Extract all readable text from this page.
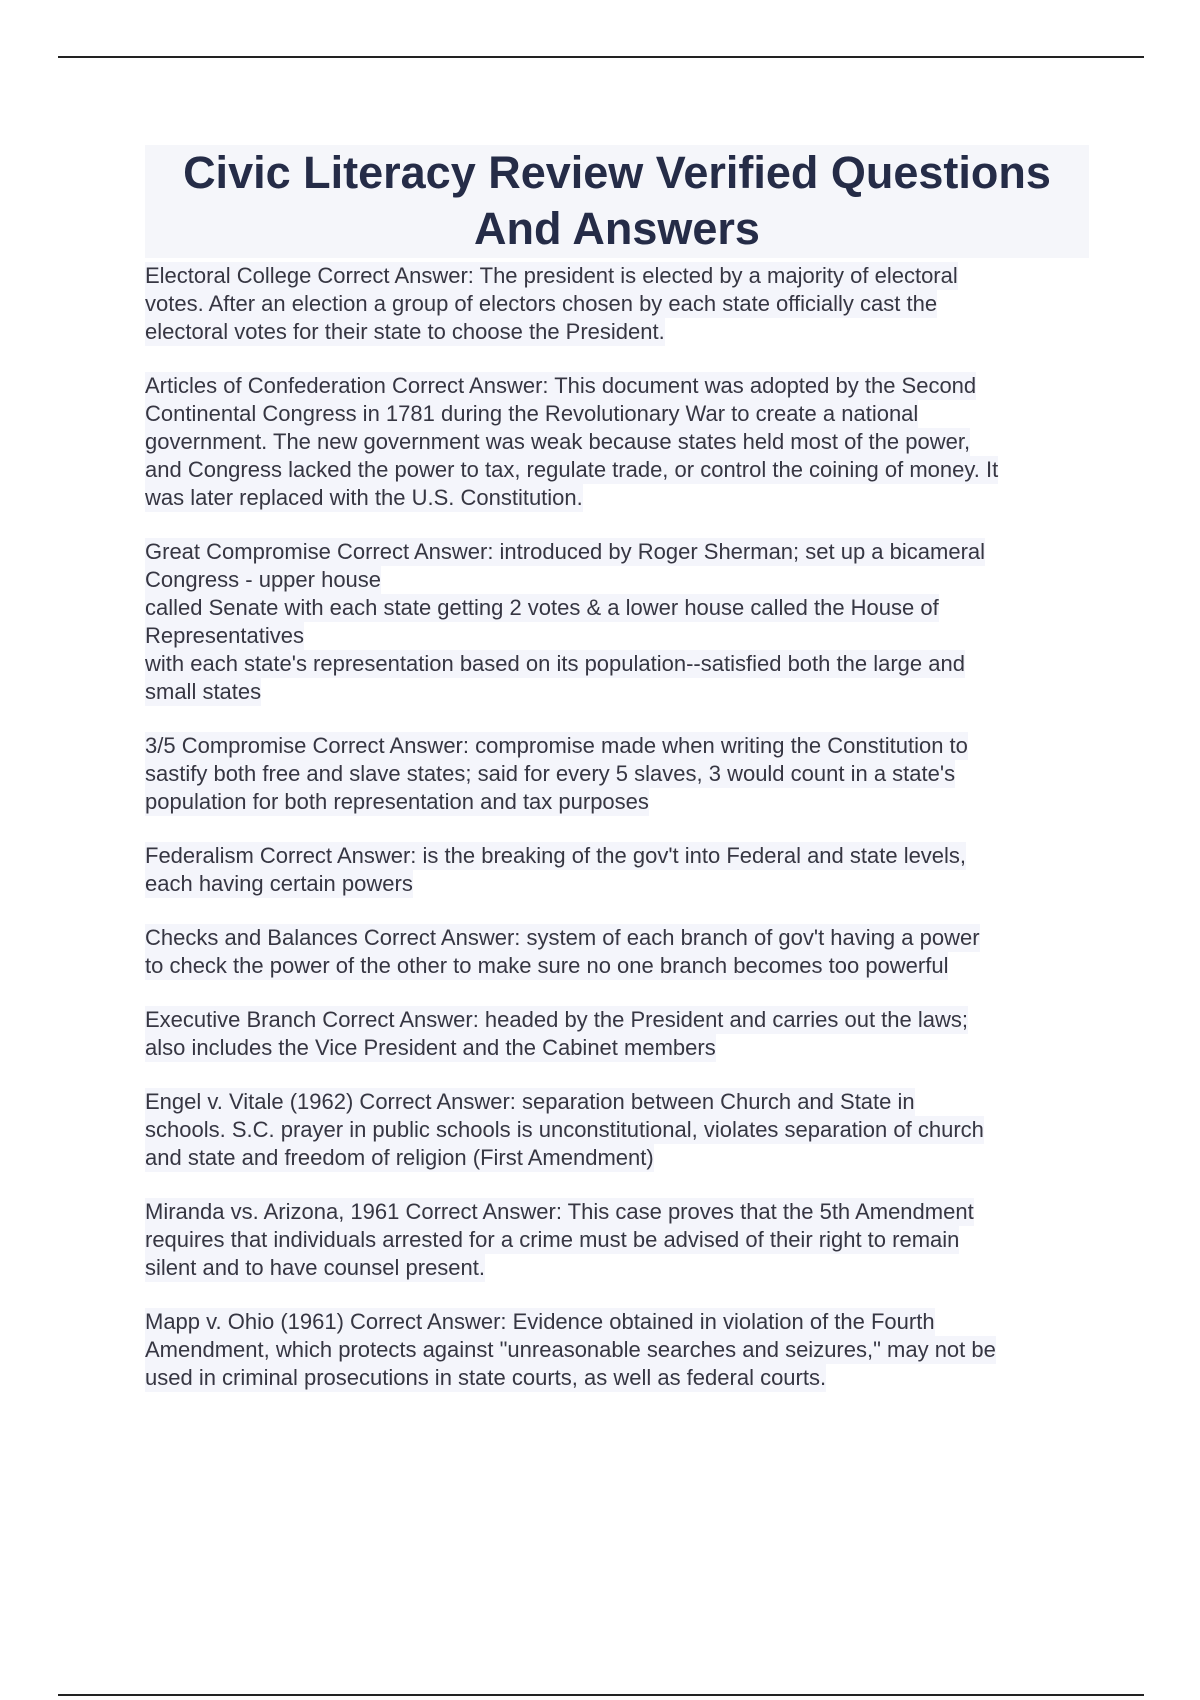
Civic Literacy Review Verified Questions And Answers

Electoral College Correct Answer: The president is elected by a majority of electoral
votes. After an election a group of electors chosen by each state officially cast the
electoral votes for their state to choose the President.

Articles of Confederation Correct Answer: This document was adopted by the Second
Continental Congress in 1781 during the Revolutionary War to create a national
government. The new government was weak because states held most of the power,
and Congress lacked the power to tax, regulate trade, or control the coining of money. It
was later replaced with the U.S. Constitution.

Great Compromise Correct Answer: introduced by Roger Sherman; set up a bicameral
Congress - upper house
called Senate with each state getting 2 votes & a lower house called the House of
Representatives
with each state's representation based on its population--satisfied both the large and
small states

3/5 Compromise Correct Answer: compromise made when writing the Constitution to
sastify both free and slave states; said for every 5 slaves, 3 would count in a state's
population for both representation and tax purposes

Federalism Correct Answer: is the breaking of the gov't into Federal and state levels,
each having certain powers

Checks and Balances Correct Answer: system of each branch of gov't having a power
to check the power of the other to make sure no one branch becomes too powerful

Executive Branch Correct Answer: headed by the President and carries out the laws;
also includes the Vice President and the Cabinet members

Engel v. Vitale (1962) Correct Answer: separation between Church and State in
schools. S.C. prayer in public schools is unconstitutional, violates separation of church
and state and freedom of religion (First Amendment)

Miranda vs. Arizona, 1961 Correct Answer: This case proves that the 5th Amendment
requires that individuals arrested for a crime must be advised of their right to remain
silent and to have counsel present.

Mapp v. Ohio (1961) Correct Answer: Evidence obtained in violation of the Fourth
Amendment, which protects against "unreasonable searches and seizures," may not be
used in criminal prosecutions in state courts, as well as federal courts.
